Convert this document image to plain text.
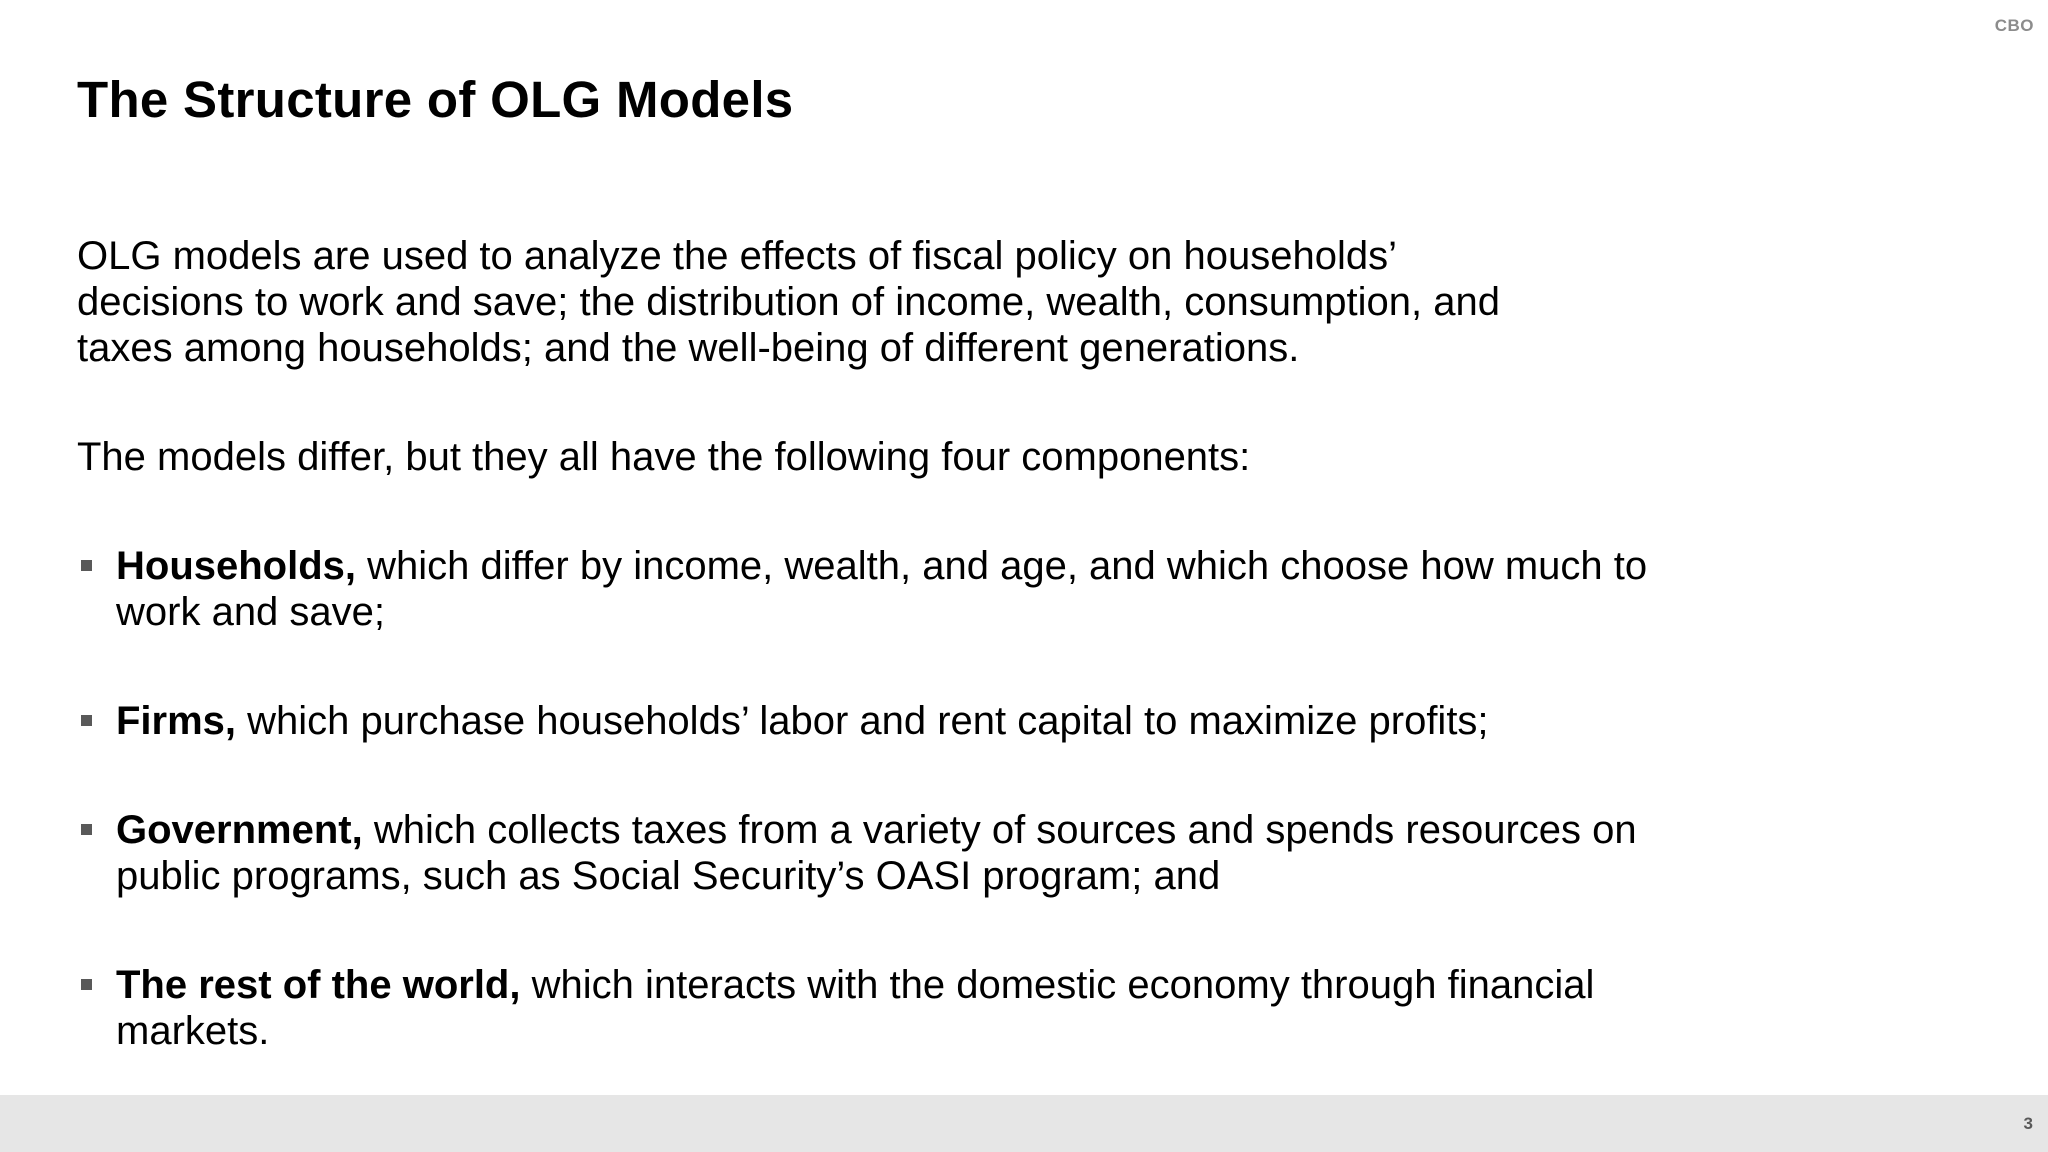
CBO
The Structure of OLG Models

OLG models are used to analyze the effects of fiscal policy on households’ decisions to work and save; the distribution of income, wealth, consumption, and taxes among households; and the well-being of different generations.

The models differ, but they all have the following four components:

Households, which differ by income, wealth, and age, and which choose how much to work and save;
Firms, which purchase households’ labor and rent capital to maximize profits;
Government, which collects taxes from a variety of sources and spends resources on public programs, such as Social Security’s OASI program; and
The rest of the world, which interacts with the domestic economy through financial markets.
3
